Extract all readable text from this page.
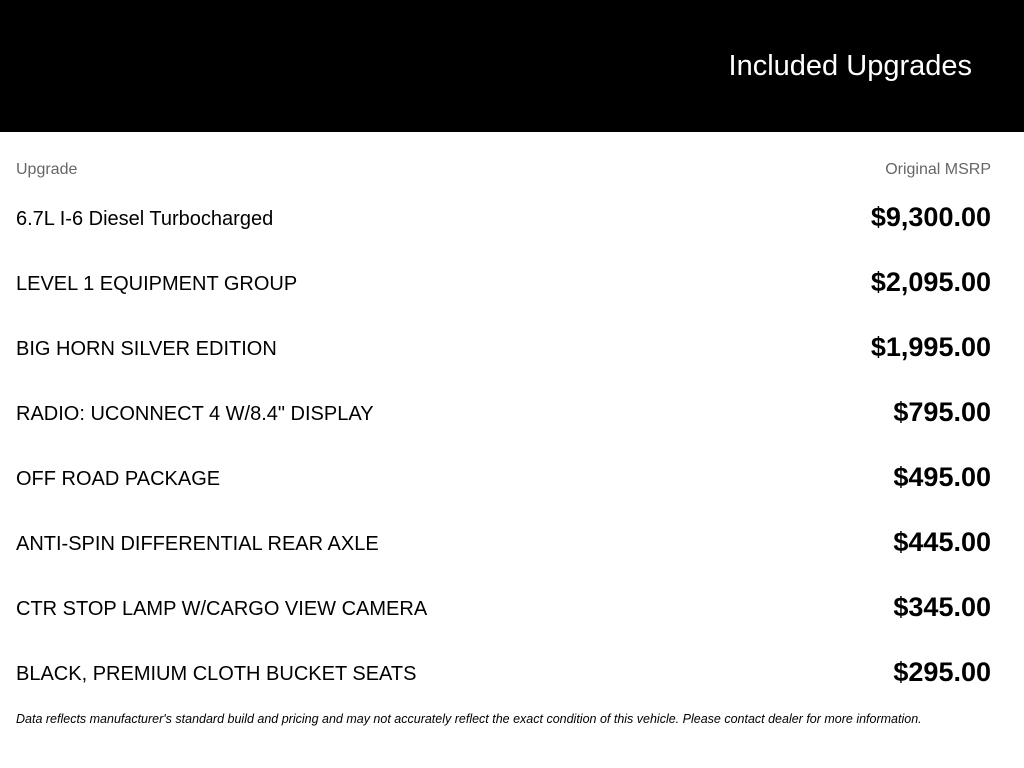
Included Upgrades
Upgrade	Original MSRP
6.7L I-6 Diesel Turbocharged	$9,300.00
LEVEL 1 EQUIPMENT GROUP	$2,095.00
BIG HORN SILVER EDITION	$1,995.00
RADIO: UCONNECT 4 W/8.4" DISPLAY	$795.00
OFF ROAD PACKAGE	$495.00
ANTI-SPIN DIFFERENTIAL REAR AXLE	$445.00
CTR STOP LAMP W/CARGO VIEW CAMERA	$345.00
BLACK, PREMIUM CLOTH BUCKET SEATS	$295.00
Data reflects manufacturer's standard build and pricing and may not accurately reflect the exact condition of this vehicle. Please contact dealer for more information.
